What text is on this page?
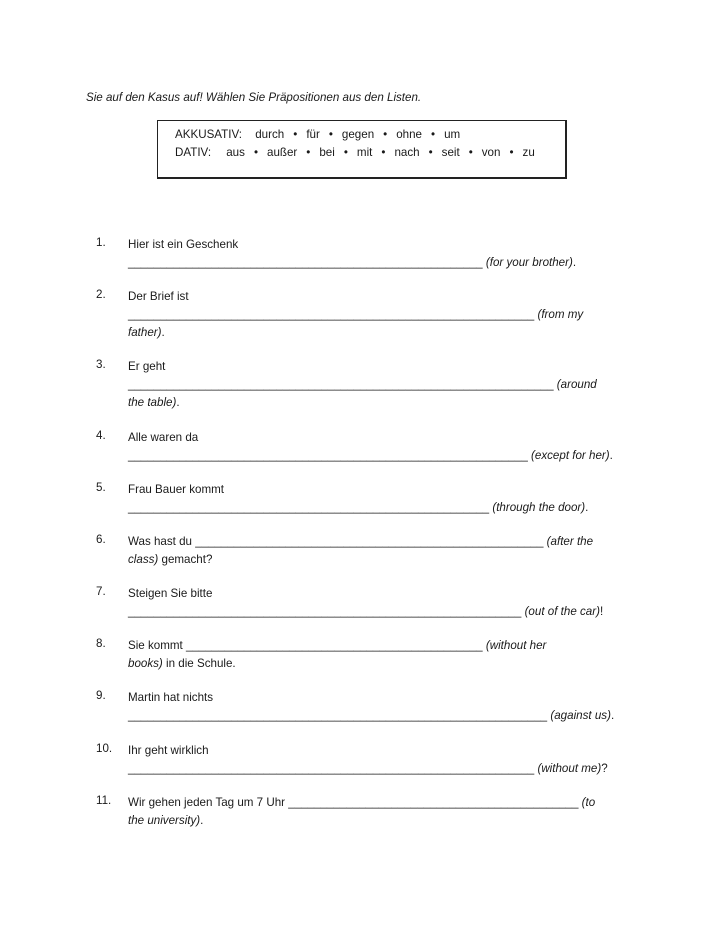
Sie auf den Kasus auf! Wählen Sie Präpositionen aus den Listen.
AKKUSATIV: durch • für • gegen • ohne • um
DATIV: aus • außer • bei • mit • nach • seit • von • zu
1.	Hier ist ein Geschenk
_______________________________________________________ (for your brother).
2.	Der Brief ist
_______________________________________________________________ (from my
father).
3.	Er geht
__________________________________________________________________ (around
the table).
4.	Alle waren da
______________________________________________________________ (except for her).
5.	Frau Bauer kommt
________________________________________________________ (through the door).
6.	Was hast du ______________________________________________________ (after the
class) gemacht?
7.	Steigen Sie bitte
_____________________________________________________________ (out of the car)!
8.	Sie kommt ______________________________________________ (without her
books) in die Schule.
9.	Martin hat nichts
_________________________________________________________________ (against us).
10.	Ihr geht wirklich
_______________________________________________________________ (without me)?
11.	Wir gehen jeden Tag um 7 Uhr _____________________________________________ (to
the university).
